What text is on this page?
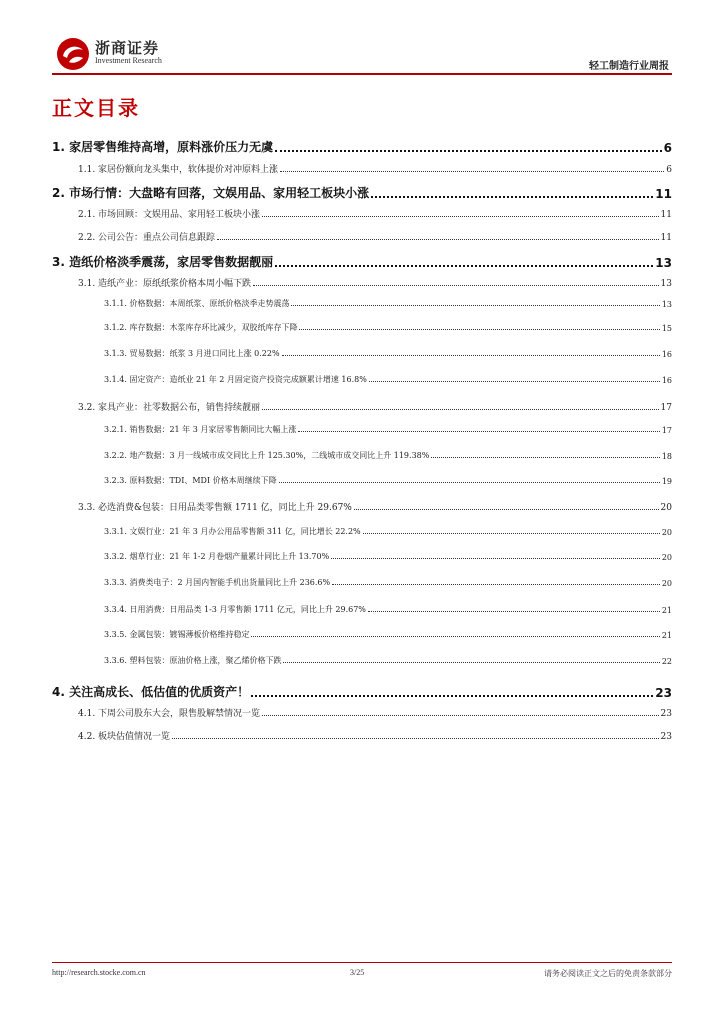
浙商证券
Investment Research
轻工制造行业周报
正文目录
1. 家居零售维持高增，原料涨价压力无虞	6
1.1. 家居份额向龙头集中，软体提价对冲原料上涨	6
2. 市场行情：大盘略有回落，文娱用品、家用轻工板块小涨	11
2.1. 市场回顾：文娱用品、家用轻工板块小涨	11
2.2. 公司公告：重点公司信息跟踪	11
3. 造纸价格淡季震荡，家居零售数据靓丽	13
3.1. 造纸产业：原纸纸浆价格本周小幅下跌	13
3.1.1. 价格数据：本周纸浆、原纸价格淡季走势震荡	13
3.1.2. 库存数据：木浆库存环比减少，双胶纸库存下降	15
3.1.3. 贸易数据：纸浆 3 月进口同比上涨 0.22%	16
3.1.4. 固定资产：造纸业 21 年 2 月固定资产投资完成额累计增速 16.8%	16
3.2. 家具产业：社零数据公布，销售持续靓丽	17
3.2.1. 销售数据：21 年 3 月家居零售额同比大幅上涨	17
3.2.2. 地产数据：3 月一线城市成交同比上升 125.30%，二线城市成交同比上升 119.38%	18
3.2.3. 原料数据：TDI、MDI 价格本周继续下降	19
3.3. 必选消费&包装：日用品类零售额 1711 亿，同比上升 29.67%	20
3.3.1. 文娱行业：21 年 3 月办公用品零售额 311 亿，同比增长 22.2%	20
3.3.2. 烟草行业：21 年 1-2 月卷烟产量累计同比上升 13.70%	20
3.3.3. 消费类电子：2 月国内智能手机出货量同比上升 236.6%	20
3.3.4. 日用消费：日用品类 1-3 月零售额 1711 亿元，同比上升 29.67%	21
3.3.5. 金属包装：镀锡薄板价格维持稳定	21
3.3.6. 塑料包装：原油价格上涨，聚乙烯价格下跌	22
4. 关注高成长、低估值的优质资产！	23
4.1. 下周公司股东大会，限售股解禁情况一览	23
4.2. 板块估值情况一览	23
http://research.stocke.com.cn	3/25	请务必阅读正文之后的免责条款部分
